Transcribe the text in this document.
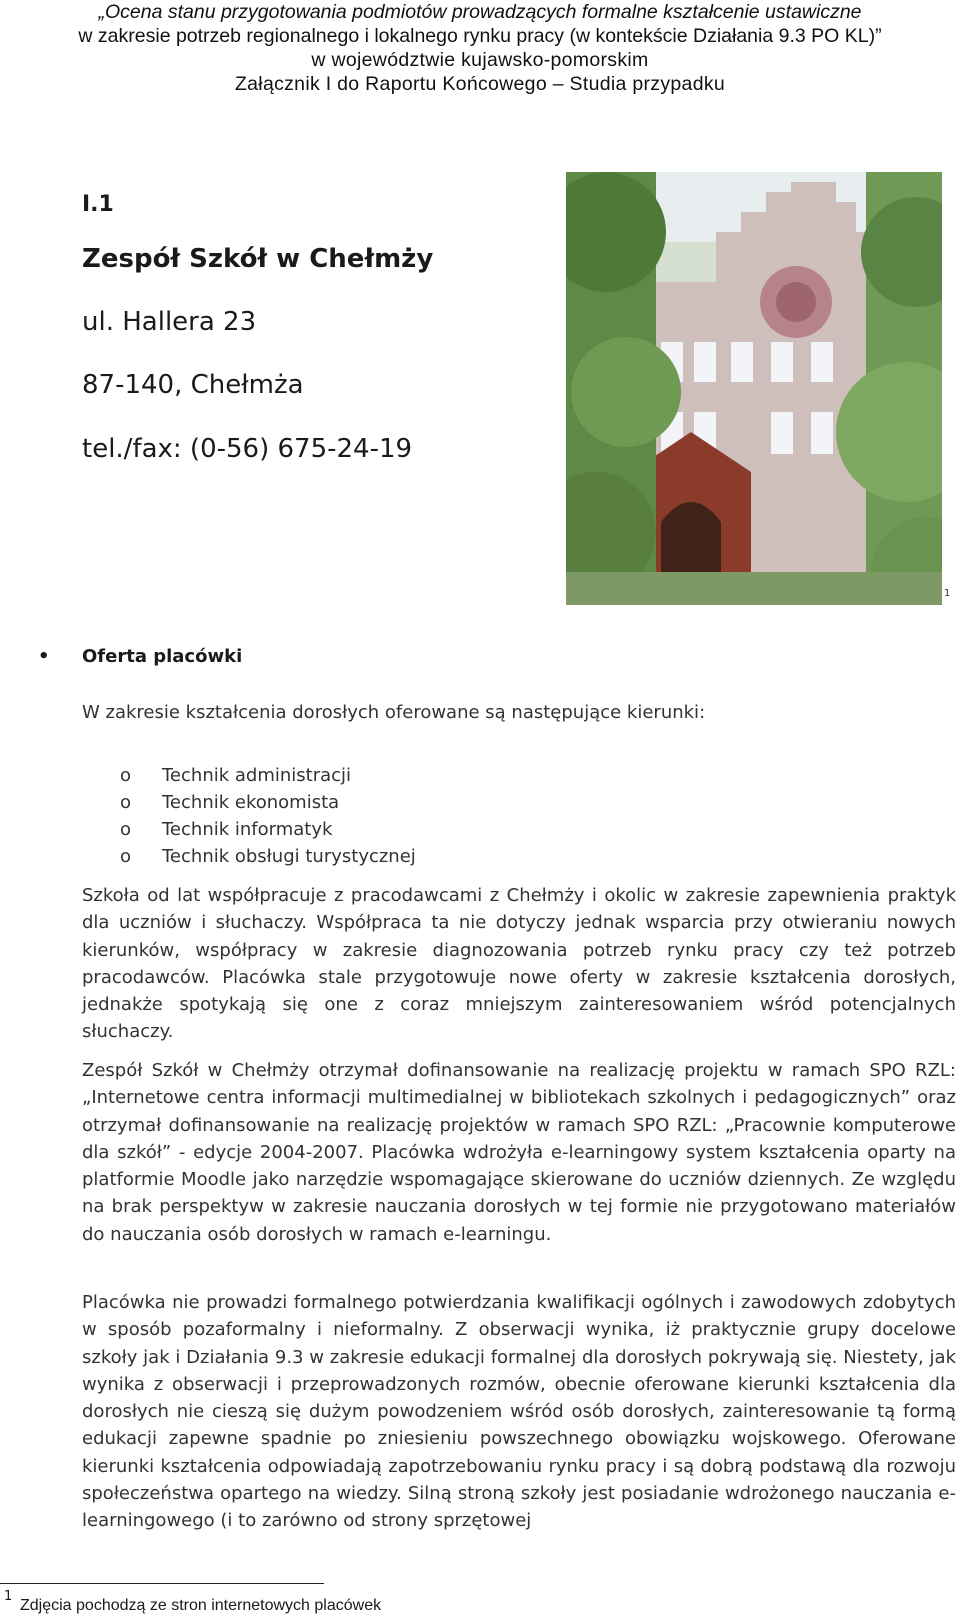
„Ocena stanu przygotowania podmiotów prowadzących formalne kształcenie ustawiczne
w zakresie potrzeb regionalnego i lokalnego rynku pracy (w kontekście Działania 9.3 PO KL)”
w województwie kujawsko-pomorskim
Załącznik I do Raportu Końcowego – Studia przypadku
I.1
Zespół Szkół w Chełmży
ul. Hallera 23
87-140, Chełmża
tel./fax: (0-56) 675-24-19
1
• Oferta placówki
W zakresie kształcenia dorosłych oferowane są następujące kierunki:
o Technik administracji
o Technik ekonomista
o Technik informatyk
o Technik obsługi turystycznej

Szkoła od lat współpracuje z pracodawcami z Chełmży i okolic w zakresie zapewnienia praktyk dla uczniów i słuchaczy. Współpraca ta nie dotyczy jednak wsparcia przy otwieraniu nowych kierunków, współpracy w zakresie diagnozowania potrzeb rynku pracy czy też potrzeb pracodawców. Placówka stale przygotowuje nowe oferty w zakresie kształcenia dorosłych, jednakże spotykają się one z coraz mniejszym zainteresowaniem wśród potencjalnych słuchaczy.

Zespół Szkół w Chełmży otrzymał dofinansowanie na realizację projektu w ramach SPO RZL: „Internetowe centra informacji multimedialnej w bibliotekach szkolnych i pedagogicznych” oraz otrzymał dofinansowanie na realizację projektów w ramach SPO RZL: „Pracownie komputerowe dla szkół” - edycje 2004-2007. Placówka wdrożyła e-learningowy system kształcenia oparty na platformie Moodle jako narzędzie wspomagające skierowane do uczniów dziennych. Ze względu na brak perspektyw w zakresie nauczania dorosłych w tej formie nie przygotowano materiałów do nauczania osób dorosłych w ramach e-learningu.

Placówka nie prowadzi formalnego potwierdzania kwalifikacji ogólnych i zawodowych zdobytych w sposób pozaformalny i nieformalny. Z obserwacji wynika, iż praktycznie grupy docelowe szkoły jak i Działania 9.3 w zakresie edukacji formalnej dla dorosłych pokrywają się. Niestety, jak wynika z obserwacji i przeprowadzonych rozmów, obecnie oferowane kierunki kształcenia dla dorosłych nie cieszą się dużym powodzeniem wśród osób dorosłych, zainteresowanie tą formą edukacji zapewne spadnie po zniesieniu powszechnego obowiązku wojskowego. Oferowane kierunki kształcenia odpowiadają zapotrzebowaniu rynku pracy i są dobrą podstawą dla rozwoju społeczeństwa opartego na wiedzy. Silną stroną szkoły jest posiadanie wdrożonego nauczania e-learningowego (i to zarówno od strony sprzętowej

1
Zdjęcia pochodzą ze stron internetowych placówek
